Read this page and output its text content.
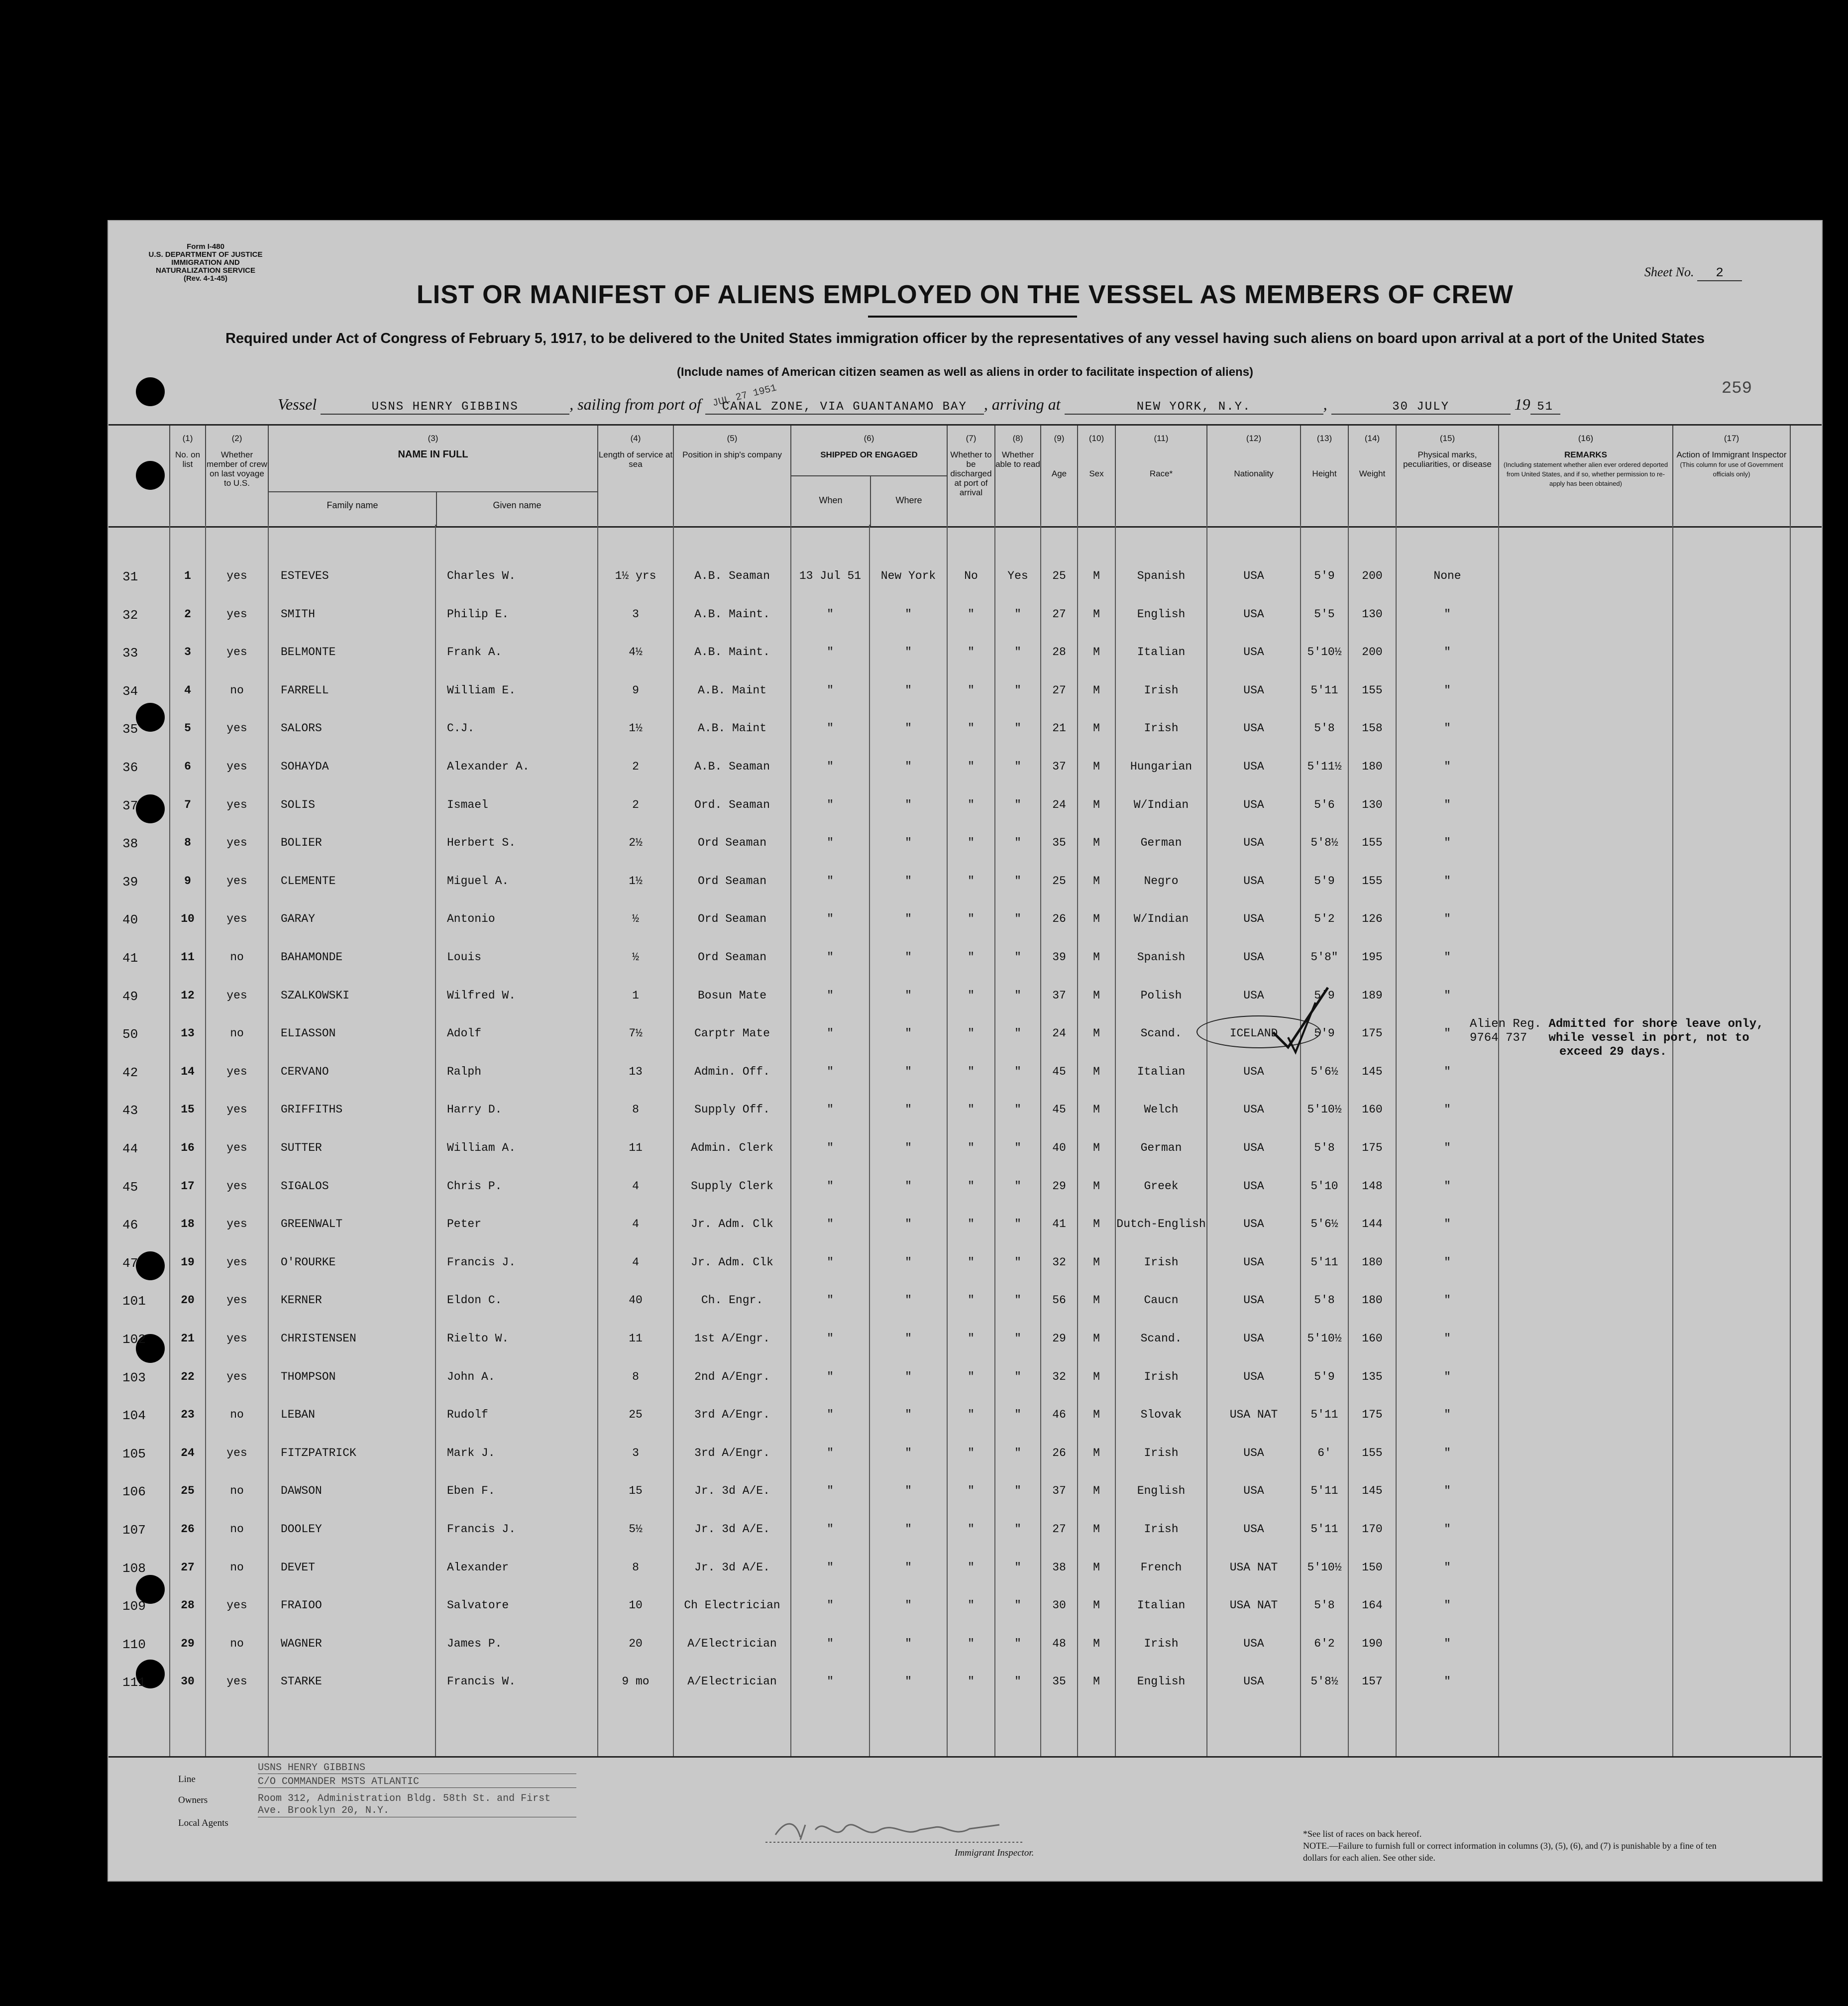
Form I-480
U.S. DEPARTMENT OF JUSTICE
IMMIGRATION AND NATURALIZATION SERVICE
(Rev. 4-1-45)	Sheet No. 2
LIST OR MANIFEST OF ALIENS EMPLOYED ON THE VESSEL AS MEMBERS OF CREW
Required under Act of Congress of February 5, 1917, to be delivered to the United States immigration officer by the representatives of any vessel having such aliens on board upon arrival at a port of the United States
(Include names of American citizen seamen as well as aliens in order to facilitate inspection of aliens)
259
JUL 27 1951
Vessel	USNS HENRY GIBBINS	, sailing from port of CANAL ZONE, VIA GUANTANAMO BAY , arriving at	NEW YORK, N.Y.	,	30 JULY	19 51
(1)
No. on list
(2)
Whether member of crew on last voyage to U.S.
(3)
NAME IN FULL
(4)
Length of service at sea
(5)
Position in ship's company
(6)
SHIPPED OR ENGAGED
(7)
Whether to be discharged at port of arrival
(8)
Whether able to read
(9)

Age
(10)

Sex
(11)

Race*
(12)

Nationality
(13)

Height
(14)

Weight
(15)
Physical marks, peculiarities, or disease
(16)
REMARKS
(Including statement whether alien ever ordered deported from United States, and if so, whether permission to re-apply has been obtained)
(17)
Action of Immigrant Inspector
(This column for use of Government officials only)
Family name	Given name	When	Where
31	1	yes	ESTEVES	Charles W.	1½ yrs	A.B. Seaman	13 Jul 51	New York	No	Yes	25	M	Spanish	USA	5'9	200	None
32	2	yes	SMITH	Philip E.	3	A.B. Maint.	"	"	"	"	27	M	English	USA	5'5	130	"
33	3	yes	BELMONTE	Frank A.	4½	A.B. Maint.	"	"	"	"	28	M	Italian	USA	5'10½	200	"
34	4	no	FARRELL	William E.	9	A.B. Maint	"	"	"	"	27	M	Irish	USA	5'11	155	"
35	5	yes	SALORS	C.J.	1½	A.B. Maint	"	"	"	"	21	M	Irish	USA	5'8	158	"
36	6	yes	SOHAYDA	Alexander A.	2	A.B. Seaman	"	"	"	"	37	M	Hungarian	USA	5'11½	180	"
37	7	yes	SOLIS	Ismael	2	Ord. Seaman	"	"	"	"	24	M	W/Indian	USA	5'6	130	"
38	8	yes	BOLIER	Herbert S.	2½	Ord Seaman	"	"	"	"	35	M	German	USA	5'8½	155	"
39	9	yes	CLEMENTE	Miguel A.	1½	Ord Seaman	"	"	"	"	25	M	Negro	USA	5'9	155	"
40	10	yes	GARAY	Antonio	½	Ord Seaman	"	"	"	"	26	M	W/Indian	USA	5'2	126	"
41	11	no	BAHAMONDE	Louis	½	Ord Seaman	"	"	"	"	39	M	Spanish	USA	5'8"	195	"
49	12	yes	SZALKOWSKI	Wilfred W.	1	Bosun Mate	"	"	"	"	37	M	Polish	USA	5'9	189	"
50	13	no	ELIASSON	Adolf	7½	Carptr Mate	"	"	"	"	24	M	Scand.	ICELAND	5'9	175	"
42	14	yes	CERVANO	Ralph	13	Admin. Off.	"	"	"	"	45	M	Italian	USA	5'6½	145	"
43	15	yes	GRIFFITHS	Harry D.	8	Supply Off.	"	"	"	"	45	M	Welch	USA	5'10½	160	"
44	16	yes	SUTTER	William A.	11	Admin. Clerk	"	"	"	"	40	M	German	USA	5'8	175	"
45	17	yes	SIGALOS	Chris P.	4	Supply Clerk	"	"	"	"	29	M	Greek	USA	5'10	148	"
46	18	yes	GREENWALT	Peter	4	Jr. Adm. Clk	"	"	"	"	41	M	Dutch-English	USA	5'6½	144	"
47	19	yes	O'ROURKE	Francis J.	4	Jr. Adm. Clk	"	"	"	"	32	M	Irish	USA	5'11	180	"
101	20	yes	KERNER	Eldon C.	40	Ch. Engr.	"	"	"	"	56	M	Caucn	USA	5'8	180	"
102	21	yes	CHRISTENSEN	Rielto W.	11	1st A/Engr.	"	"	"	"	29	M	Scand.	USA	5'10½	160	"
103	22	yes	THOMPSON	John A.	8	2nd A/Engr.	"	"	"	"	32	M	Irish	USA	5'9	135	"
104	23	no	LEBAN	Rudolf	25	3rd A/Engr.	"	"	"	"	46	M	Slovak	USA NAT	5'11	175	"
105	24	yes	FITZPATRICK	Mark J.	3	3rd A/Engr.	"	"	"	"	26	M	Irish	USA	6'	155	"
106	25	no	DAWSON	Eben F.	15	Jr. 3d A/E.	"	"	"	"	37	M	English	USA	5'11	145	"
107	26	no	DOOLEY	Francis J.	5½	Jr. 3d A/E.	"	"	"	"	27	M	Irish	USA	5'11	170	"
108	27	no	DEVET	Alexander	8	Jr. 3d A/E.	"	"	"	"	38	M	French	USA NAT	5'10½	150	"
109	28	yes	FRAIOO	Salvatore	10	Ch Electrician	"	"	"	"	30	M	Italian	USA NAT	5'8	164	"
110	29	no	WAGNER	James P.	20	A/Electrician	"	"	"	"	48	M	Irish	USA	6'2	190	"
111	30	yes	STARKE	Francis W.	9 mo	A/Electrician	"	"	"	"	35	M	English	USA	5'8½	157	"
Alien Reg. Admitted for shore leave only,
9764 737 while vessel in port, not to
exceed 29 days.
Line
USNS HENRY GIBBINS
C/O COMMANDER MSTS ATLANTIC
Owners
Local Agents
Room 312, Administration Bldg. 58th St. and First Ave. Brooklyn 20, N.Y.
Immigrant Inspector.
*See list of races on back hereof.
NOTE.—Failure to furnish full or correct information in columns (3), (5), (6), and (7) is punishable by a fine of ten dollars for each alien. See other side.
